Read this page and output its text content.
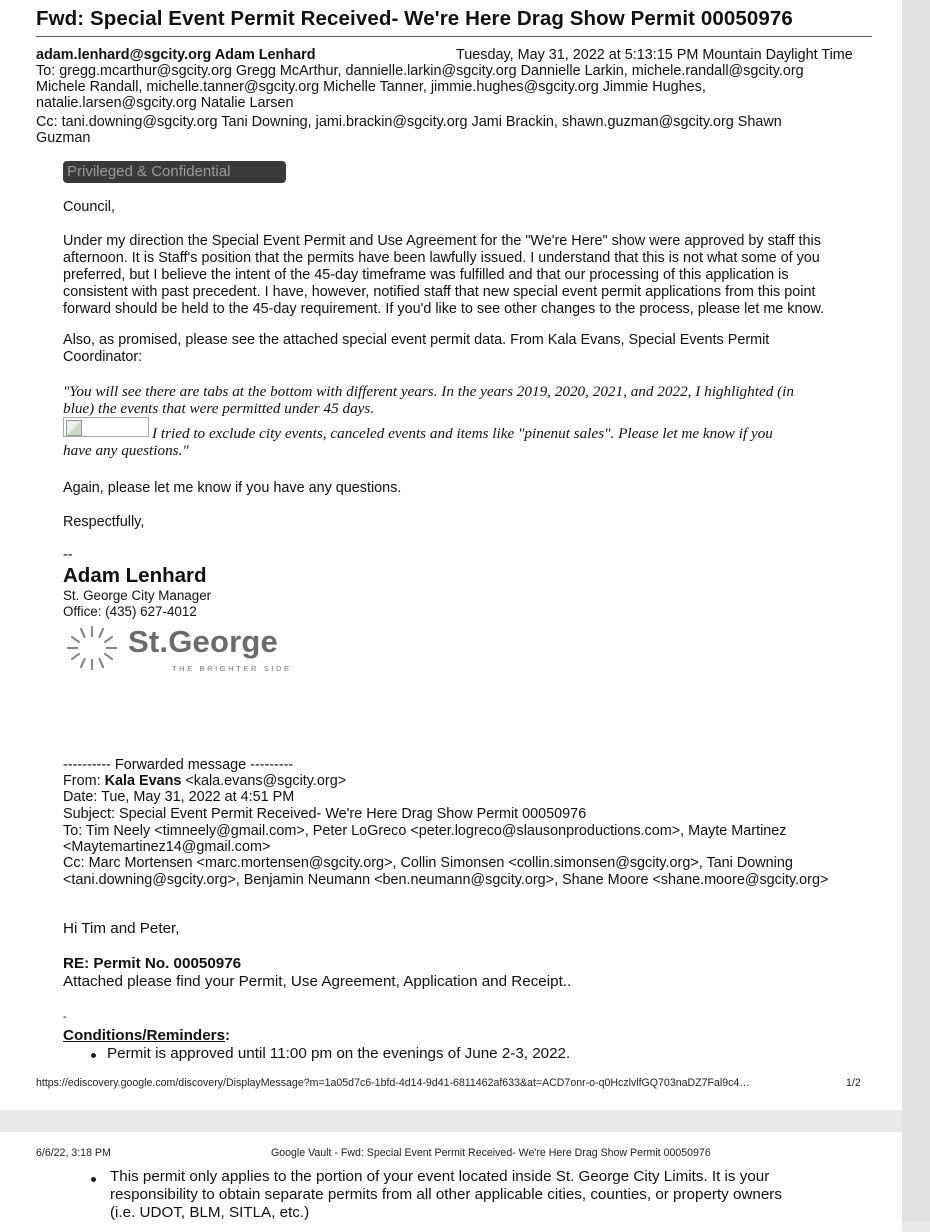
Fwd: Special Event Permit Received- We're Here Drag Show Permit 00050976
adam.lenhard@sgcity.org Adam Lenhard	Tuesday, May 31, 2022 at 5:13:15 PM Mountain Daylight Time
To: gregg.mcarthur@sgcity.org Gregg McArthur, dannielle.larkin@sgcity.org Dannielle Larkin, michele.randall@sgcity.org
Michele Randall, michelle.tanner@sgcity.org Michelle Tanner, jimmie.hughes@sgcity.org Jimmie Hughes,
natalie.larsen@sgcity.org Natalie Larsen
Cc: tani.downing@sgcity.org Tani Downing, jami.brackin@sgcity.org Jami Brackin, shawn.guzman@sgcity.org Shawn
Guzman
Privileged & Confidential
Council,
Under my direction the Special Event Permit and Use Agreement for the "We're Here" show were approved by staff this
afternoon. It is Staff's position that the permits have been lawfully issued. I understand that this is not what some of you
preferred, but I believe the intent of the 45-day timeframe was fulfilled and that our processing of this application is
consistent with past precedent. I have, however, notified staff that new special event permit applications from this point
forward should be held to the 45-day requirement. If you'd like to see other changes to the process, please let me know.
Also, as promised, please see the attached special event permit data. From Kala Evans, Special Events Permit
Coordinator:
"You will see there are tabs at the bottom with different years. In the years 2019, 2020, 2021, and 2022, I highlighted (in
blue) the events that were permitted under 45 days.
I tried to exclude city events, canceled events and items like "pinenut sales". Please let me know if you
have any questions."
Again, please let me know if you have any questions.
Respectfully,
--
Adam Lenhard
St. George City Manager
Office: (435) 627-4012
St.George
THE BRIGHTER SIDE
---------- Forwarded message ---------
From: Kala Evans <kala.evans@sgcity.org>
Date: Tue, May 31, 2022 at 4:51 PM
Subject: Special Event Permit Received- We're Here Drag Show Permit 00050976
To: Tim Neely <timneely@gmail.com>, Peter LoGreco <peter.logreco@slausonproductions.com>, Mayte Martinez
<Maytemartinez14@gmail.com>
Cc: Marc Mortensen <marc.mortensen@sgcity.org>, Collin Simonsen <collin.simonsen@sgcity.org>, Tani Downing
<tani.downing@sgcity.org>, Benjamin Neumann <ben.neumann@sgcity.org>, Shane Moore <shane.moore@sgcity.org>
Hi Tim and Peter,
RE: Permit No. 00050976
Attached please find your Permit, Use Agreement, Application and Receipt..
-
Conditions/Reminders:
Permit is approved until 11:00 pm on the evenings of June 2-3, 2022.
https://ediscovery.google.com/discovery/DisplayMessage?m=1a05d7c6-1bfd-4d14-9d41-6811462af633&at=ACD7onr-o-q0HczlvlfGQ703naDZ7Fal9c4…	1/2
6/6/22, 3:18 PM	Google Vault - Fwd: Special Event Permit Received- We're Here Drag Show Permit 00050976
This permit only applies to the portion of your event located inside St. George City Limits. It is your
responsibility to obtain separate permits from all other applicable cities, counties, or property owners
(i.e. UDOT, BLM, SITLA, etc.)
